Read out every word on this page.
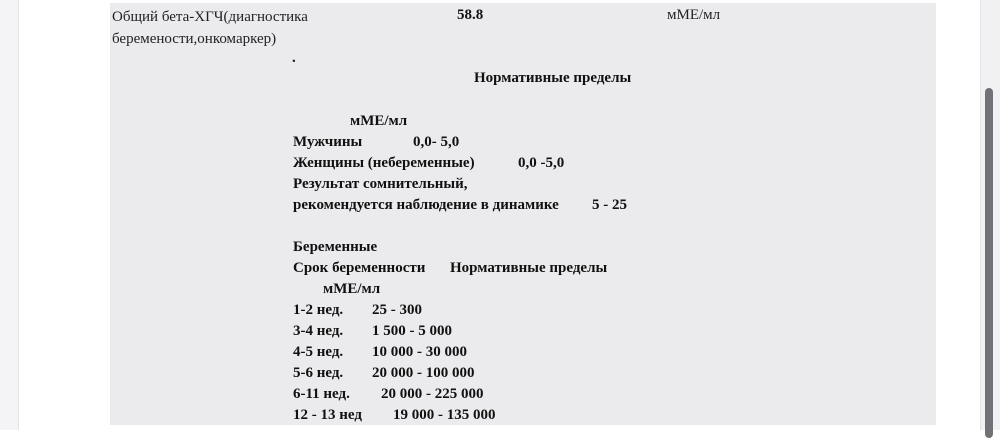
Общий бета-ХГЧ(диагностика
беремености,онкомаркер)
58.8	мМЕ/мл
.
Нормативные пределы
мМЕ/мл
Мужчины	0,0- 5,0
Женщины (небеременные)	0,0 -5,0
Результат сомнительный,
рекомендуется наблюдение в динамике 5 - 25
Беременные
Срок беременности Нормативные пределы
мМЕ/мл
1-2 нед. 25 - 300
3-4 нед. 1 500 - 5 000
4-5 нед. 10 000 - 30 000
5-6 нед. 20 000 - 100 000
6-11 нед. 20 000 - 225 000
12 - 13 нед 19 000 - 135 000
